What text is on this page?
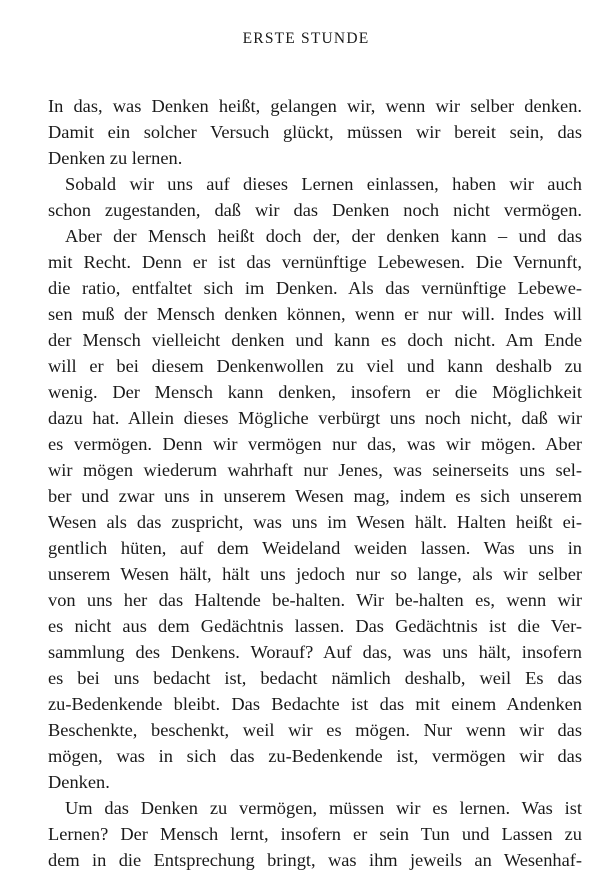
ERSTE STUNDE
In das, was Denken heißt, gelangen wir, wenn wir selber denken.
Damit ein solcher Versuch glückt, müssen wir bereit sein, das
Denken zu lernen.
Sobald wir uns auf dieses Lernen einlassen, haben wir auch
schon zugestanden, daß wir das Denken noch nicht vermögen.
Aber der Mensch heißt doch der, der denken kann – und das
mit Recht. Denn er ist das vernünftige Lebewesen. Die Vernunft,
die ratio, entfaltet sich im Denken. Als das vernünftige Lebewe-
sen muß der Mensch denken können, wenn er nur will. Indes will
der Mensch vielleicht denken und kann es doch nicht. Am Ende
will er bei diesem Denkenwollen zu viel und kann deshalb zu
wenig. Der Mensch kann denken, insofern er die Möglichkeit
dazu hat. Allein dieses Mögliche verbürgt uns noch nicht, daß wir
es vermögen. Denn wir vermögen nur das, was wir mögen. Aber
wir mögen wiederum wahrhaft nur Jenes, was seinerseits uns sel-
ber und zwar uns in unserem Wesen mag, indem es sich unserem
Wesen als das zuspricht, was uns im Wesen hält. Halten heißt ei-
gentlich hüten, auf dem Weideland weiden lassen. Was uns in
unserem Wesen hält, hält uns jedoch nur so lange, als wir selber
von uns her das Haltende be-halten. Wir be-halten es, wenn wir
es nicht aus dem Gedächtnis lassen. Das Gedächtnis ist die Ver-
sammlung des Denkens. Worauf? Auf das, was uns hält, insofern
es bei uns bedacht ist, bedacht nämlich deshalb, weil Es das
zu-Bedenkende bleibt. Das Bedachte ist das mit einem Andenken
Beschenkte, beschenkt, weil wir es mögen. Nur wenn wir das
mögen, was in sich das zu-Bedenkende ist, vermögen wir das
Denken.
Um das Denken zu vermögen, müssen wir es lernen. Was ist
Lernen? Der Mensch lernt, insofern er sein Tun und Lassen zu
dem in die Entsprechung bringt, was ihm jeweils an Wesenhaf-
